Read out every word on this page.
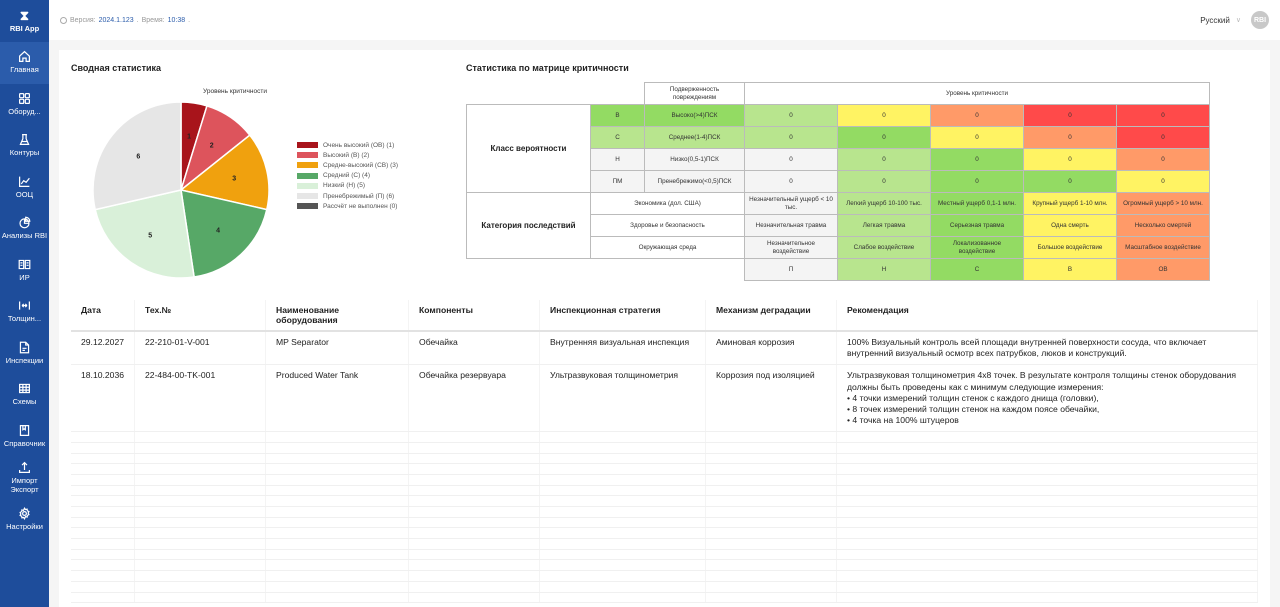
⧗
RBI App
Главная
Оборуд...
Контуры
ООЦ
Анализы RBI
ИР
Толщин...
Инспекции
Схемы
Справочник
Импорт Экспорт
Настройки
Версия: 2024.1.123 . Время: 10:38 .	Русский ∨	RBI
Сводная статистика
Уровень критичности
1
2
3
4
5
6
Очень высокий (ОВ) (1)
Высокий (В) (2)
Средне-высокий (СВ) (3)
Средний (С) (4)
Низкий (Н) (5)
Пренебрежимый (П) (6)
Рассчёт не выполнен (0)
Статистика по матрице критичности
		Подверженность повреждениям	Уровень критичности				
Класс вероятности	В	Высоко(>4)ПСК	0	0	0	0	0
	С	Среднее(1-4)ПСК	0	0	0	0	0
	Н	Низко(0,5-1)ПСК	0	0	0	0	0
	ПМ	Пренебрежимо(<0,5)ПСК	0	0	0	0	0
Категория последствий	Экономика (дол. США)		Незначительный ущерб < 10 тыс.	Легкий ущерб 10-100 тыс.	Местный ущерб 0,1-1 млн.	Крупный ущерб 1-10 млн.	Огромный ущерб > 10 млн.
	Здоровье и безопасность		Незначительная травма	Легкая травма	Серьезная травма	Одна смерть	Несколько смертей
	Окружающая среда		Незначительное воздействие	Слабое воздействие	Локализованное воздействие	Большое воздействие	Масштабное воздействие
			П	Н	С	В	ОВ
Дата	Тех.№	Наименование оборудования	Компоненты	Инспекционная стратегия	Механизм деградации	Рекомендация
29.12.2027	22-210-01-V-001	MP Separator	Обечайка	Внутренняя визуальная инспекция	Аминовая коррозия	100% Визуальный контроль всей площади внутренней поверхности сосуда, что включает внутренний визуальный осмотр всех патрубков, люков и конструкций.

18.10.2036	22-484-00-TK-001	Produced Water Tank	Обечайка резервуара	Ультразвуковая толщинометрия	Коррозия под изоляцией	Ультразвуковая толщинометрия 4х8 точек. В результате контроля толщины стенок оборудования должны быть проведены как с минимум следующие измерения:
• 4 точки измерений толщин стенок с каждого днища (головки),
• 8 точек измерений толщин стенок на каждом поясе обечайки,
• 4 точка на 100% штуцеров
